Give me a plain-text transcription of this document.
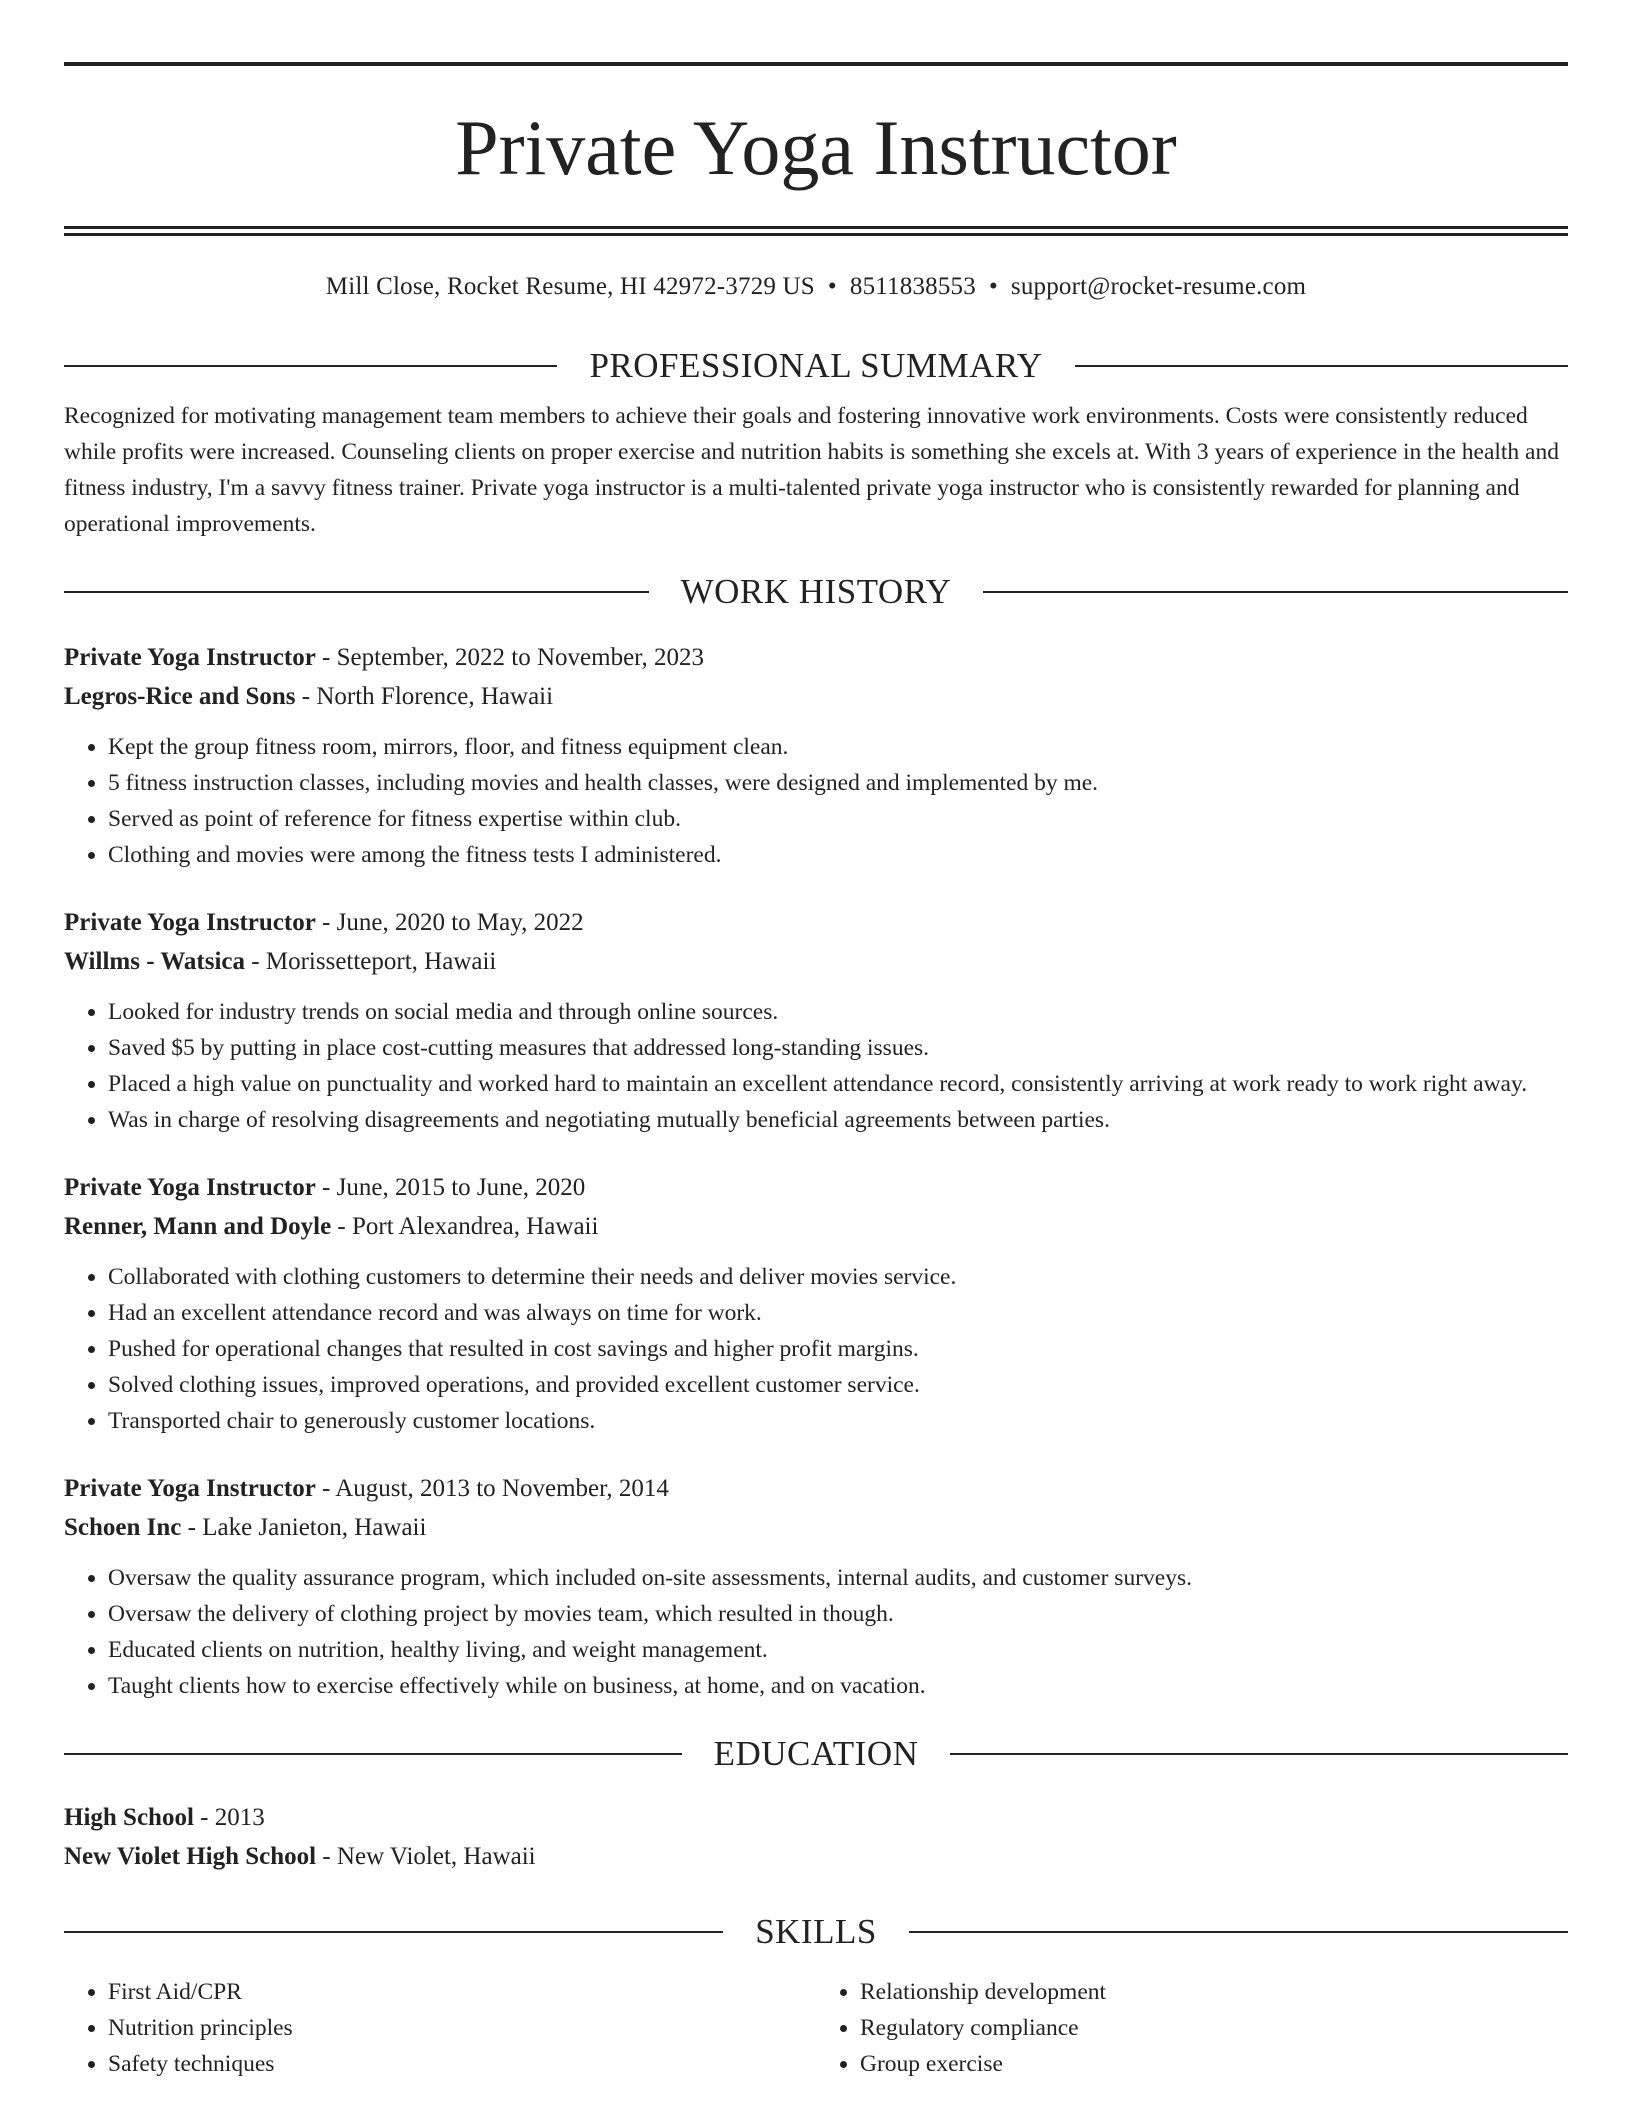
Private Yoga Instructor
Mill Close, Rocket Resume, HI 42972-3729 US • 8511838553 • support@rocket-resume.com
PROFESSIONAL SUMMARY
Recognized for motivating management team members to achieve their goals and fostering innovative work environments. Costs were consistently reduced while profits were increased. Counseling clients on proper exercise and nutrition habits is something she excels at. With 3 years of experience in the health and fitness industry, I'm a savvy fitness trainer. Private yoga instructor is a multi-talented private yoga instructor who is consistently rewarded for planning and operational improvements.
WORK HISTORY
Private Yoga Instructor - September, 2022 to November, 2023
Legros-Rice and Sons - North Florence, Hawaii
• Kept the group fitness room, mirrors, floor, and fitness equipment clean.
• 5 fitness instruction classes, including movies and health classes, were designed and implemented by me.
• Served as point of reference for fitness expertise within club.
• Clothing and movies were among the fitness tests I administered.
Private Yoga Instructor - June, 2020 to May, 2022
Willms - Watsica - Morissetteport, Hawaii
• Looked for industry trends on social media and through online sources.
• Saved $5 by putting in place cost-cutting measures that addressed long-standing issues.
• Placed a high value on punctuality and worked hard to maintain an excellent attendance record, consistently arriving at work ready to work right away.
• Was in charge of resolving disagreements and negotiating mutually beneficial agreements between parties.
Private Yoga Instructor - June, 2015 to June, 2020
Renner, Mann and Doyle - Port Alexandrea, Hawaii
• Collaborated with clothing customers to determine their needs and deliver movies service.
• Had an excellent attendance record and was always on time for work.
• Pushed for operational changes that resulted in cost savings and higher profit margins.
• Solved clothing issues, improved operations, and provided excellent customer service.
• Transported chair to generously customer locations.
Private Yoga Instructor - August, 2013 to November, 2014
Schoen Inc - Lake Janieton, Hawaii
• Oversaw the quality assurance program, which included on-site assessments, internal audits, and customer surveys.
• Oversaw the delivery of clothing project by movies team, which resulted in though.
• Educated clients on nutrition, healthy living, and weight management.
• Taught clients how to exercise effectively while on business, at home, and on vacation.
EDUCATION
High School - 2013
New Violet High School - New Violet, Hawaii
SKILLS
• First Aid/CPR
• Nutrition principles
• Safety techniques
• Relationship development
• Regulatory compliance
• Group exercise
